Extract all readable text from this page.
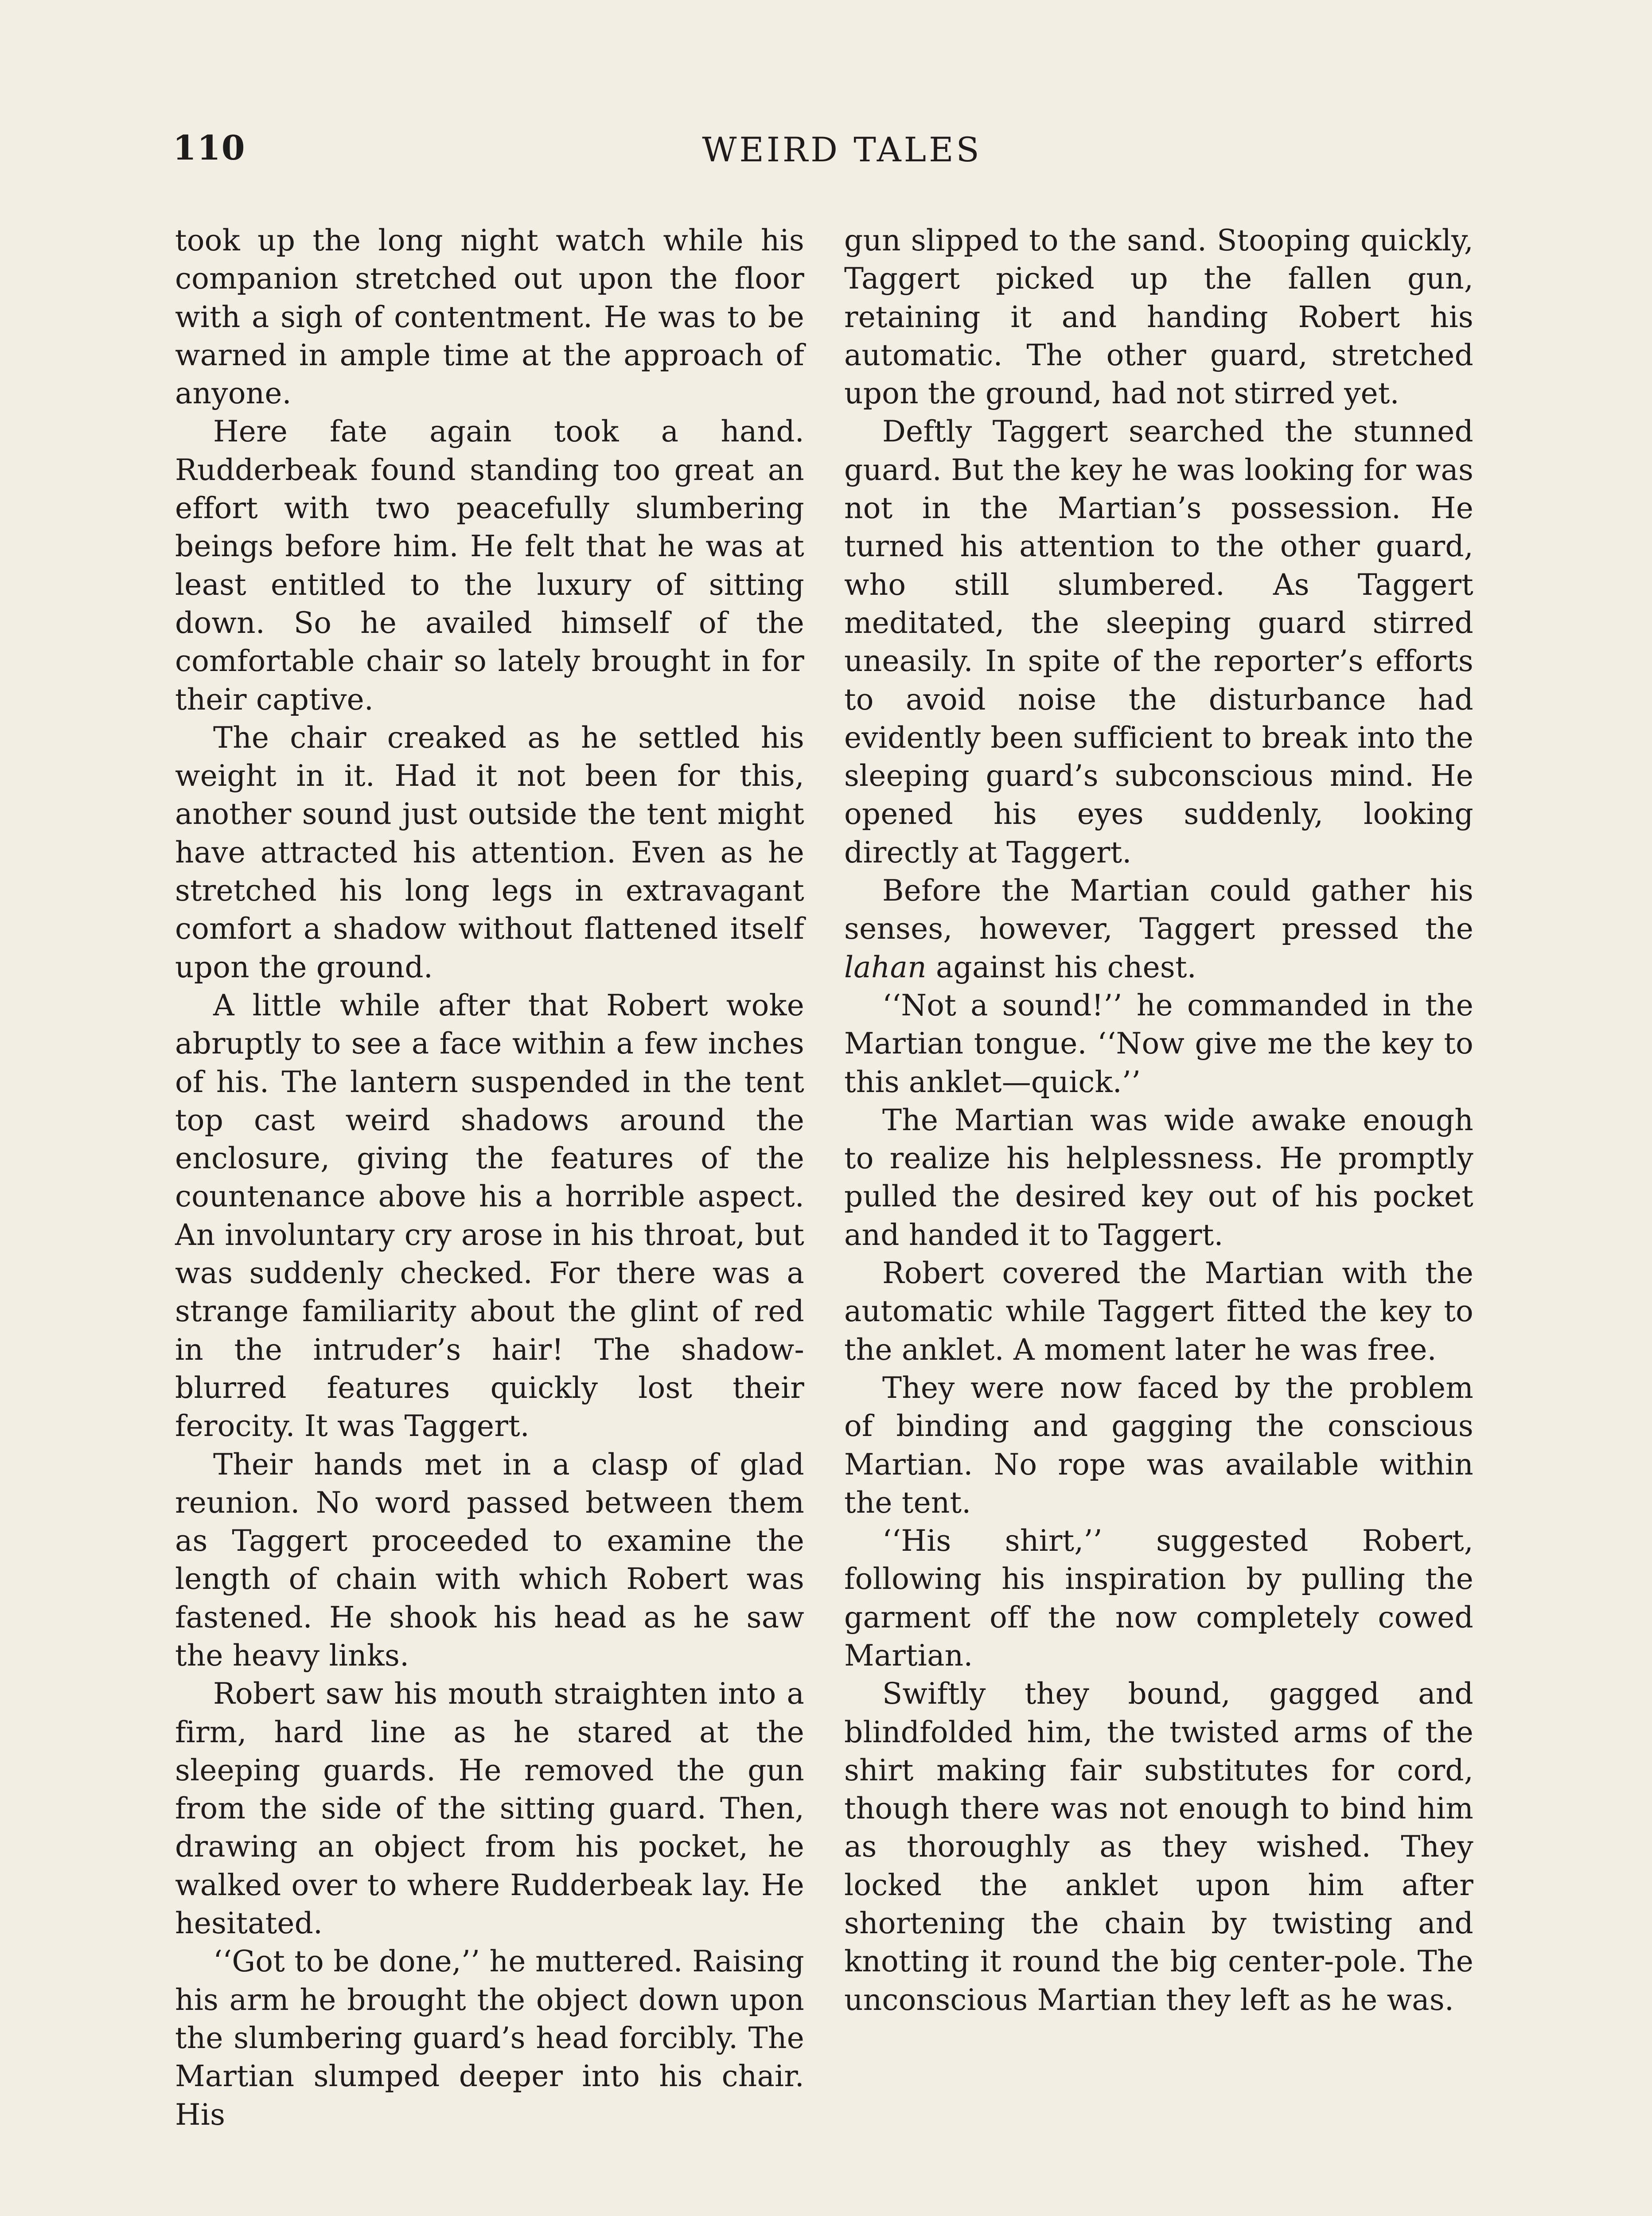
110	WEIRD TALES

took up the long night watch while his companion stretched out upon the floor with a sigh of contentment. He was to be warned in ample time at the approach of anyone.

Here fate again took a hand. Rudderbeak found standing too great an effort with two peacefully slumbering beings before him. He felt that he was at least entitled to the luxury of sitting down. So he availed himself of the comfortable chair so lately brought in for their captive.

The chair creaked as he settled his weight in it. Had it not been for this, another sound just outside the tent might have attracted his attention. Even as he stretched his long legs in extravagant comfort a shadow without flattened itself upon the ground.

A little while after that Robert woke abruptly to see a face within a few inches of his. The lantern suspended in the tent top cast weird shadows around the enclosure, giving the features of the countenance above his a horrible aspect. An involuntary cry arose in his throat, but was suddenly checked. For there was a strange familiarity about the glint of red in the intruder’s hair! The shadow-blurred features quickly lost their ferocity. It was Taggert.

Their hands met in a clasp of glad reunion. No word passed between them as Taggert proceeded to examine the length of chain with which Robert was fastened. He shook his head as he saw the heavy links.

Robert saw his mouth straighten into a firm, hard line as he stared at the sleeping guards. He removed the gun from the side of the sitting guard. Then, drawing an object from his pocket, he walked over to where Rudderbeak lay. He hesitated.

‘‘Got to be done,’’ he muttered. Raising his arm he brought the object down upon the slumbering guard’s head forcibly. The Martian slumped deeper into his chair. His

gun slipped to the sand. Stooping quickly, Taggert picked up the fallen gun, retaining it and handing Robert his automatic. The other guard, stretched upon the ground, had not stirred yet.

Deftly Taggert searched the stunned guard. But the key he was looking for was not in the Martian’s possession. He turned his attention to the other guard, who still slumbered. As Taggert meditated, the sleeping guard stirred uneasily. In spite of the reporter’s efforts to avoid noise the disturbance had evidently been sufficient to break into the sleeping guard’s subconscious mind. He opened his eyes suddenly, looking directly at Taggert.

Before the Martian could gather his senses, however, Taggert pressed the lahan against his chest.

‘‘Not a sound!’’ he commanded in the Martian tongue. ‘‘Now give me the key to this anklet—quick.’’

The Martian was wide awake enough to realize his helplessness. He promptly pulled the desired key out of his pocket and handed it to Taggert.

Robert covered the Martian with the automatic while Taggert fitted the key to the anklet. A moment later he was free.

They were now faced by the problem of binding and gagging the conscious Martian. No rope was available within the tent.

‘‘His shirt,’’ suggested Robert, following his inspiration by pulling the garment off the now completely cowed Martian.

Swiftly they bound, gagged and blindfolded him, the twisted arms of the shirt making fair substitutes for cord, though there was not enough to bind him as thoroughly as they wished. They locked the anklet upon him after shortening the chain by twisting and knotting it round the big center-pole. The unconscious Martian they left as he was.
